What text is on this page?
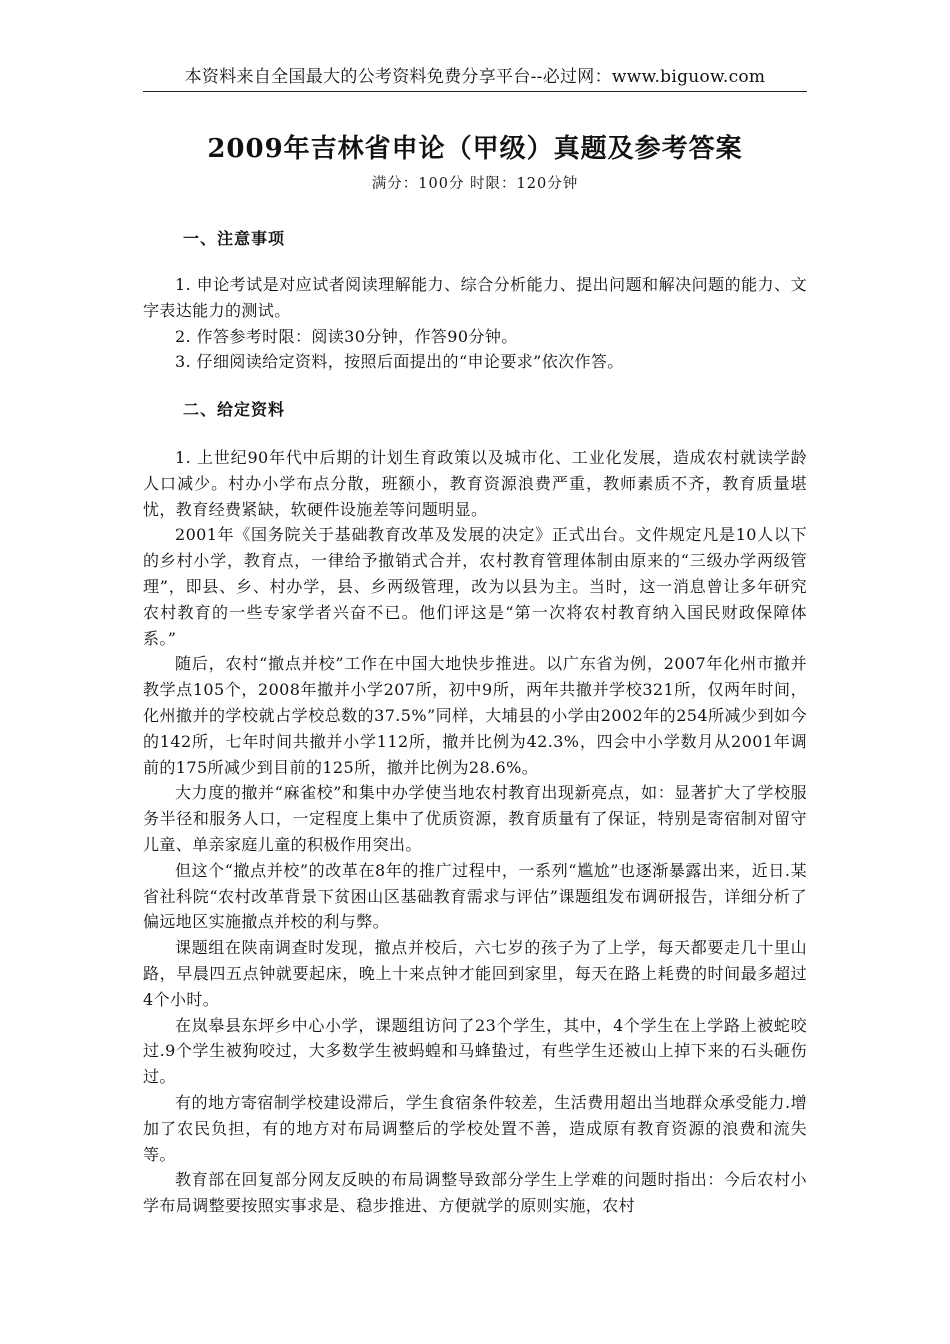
本资料来自全国最大的公考资料免费分享平台--必过网：www.biguow.com
2009年吉林省申论（甲级）真题及参考答案
满分：100分 时限：120分钟
一、注意事项

1. 申论考试是对应试者阅读理解能力、综合分析能力、提出问题和解决问题的能力、文字表达能力的测试。

2. 作答参考时限：阅读30分钟，作答90分钟。

3. 仔细阅读给定资料，按照后面提出的“申论要求”依次作答。

二、给定资料

1. 上世纪90年代中后期的计划生育政策以及城市化、工业化发展，造成农村就读学龄人口减少。村办小学布点分散，班额小，教育资源浪费严重，教师素质不齐，教育质量堪忧，教育经费紧缺，软硬件设施差等问题明显。

2001年《国务院关于基础教育改革及发展的决定》正式出台。文件规定凡是10人以下的乡村小学，教育点，一律给予撤销式合并，农村教育管理体制由原来的“三级办学两级管理”，即县、乡、村办学，县、乡两级管理，改为以县为主。当时，这一消息曾让多年研究农村教育的一些专家学者兴奋不已。他们评这是“第一次将农村教育纳入国民财政保障体系。”

随后，农村“撤点并校”工作在中国大地快步推进。以广东省为例，2007年化州市撤并教学点105个，2008年撤并小学207所，初中9所，两年共撤并学校321所，仅两年时间，化州撤并的学校就占学校总数的37.5%”同样，大埔县的小学由2002年的254所减少到如今的142所，七年时间共撤并小学112所，撤并比例为42.3%，四会中小学数月从2001年调前的175所减少到目前的125所，撤并比例为28.6%。

大力度的撤并“麻雀校”和集中办学使当地农村教育出现新亮点，如：显著扩大了学校服务半径和服务人口，一定程度上集中了优质资源，教育质量有了保证，特别是寄宿制对留守儿童、单亲家庭儿童的积极作用突出。

但这个“撤点并校”的改革在8年的推广过程中，一系列“尴尬”也逐渐暴露出来，近日.某省社科院“农村改革背景下贫困山区基础教育需求与评估”课题组发布调研报告，详细分析了偏远地区实施撤点并校的利与弊。

课题组在陕南调查时发现，撤点并校后，六七岁的孩子为了上学，每天都要走几十里山路，早晨四五点钟就要起床，晚上十来点钟才能回到家里，每天在路上耗费的时间最多超过4个小时。

在岚皋县东坪乡中心小学，课题组访问了23个学生，其中，4个学生在上学路上被蛇咬过.9个学生被狗咬过，大多数学生被蚂蝗和马蜂蛰过，有些学生还被山上掉下来的石头砸伤过。

有的地方寄宿制学校建设滞后，学生食宿条件较差，生活费用超出当地群众承受能力.增加了农民负担，有的地方对布局调整后的学校处置不善，造成原有教育资源的浪费和流失等。

教育部在回复部分网友反映的布局调整导致部分学生上学难的问题时指出：今后农村小学布局调整要按照实事求是、稳步推进、方便就学的原则实施，农村
